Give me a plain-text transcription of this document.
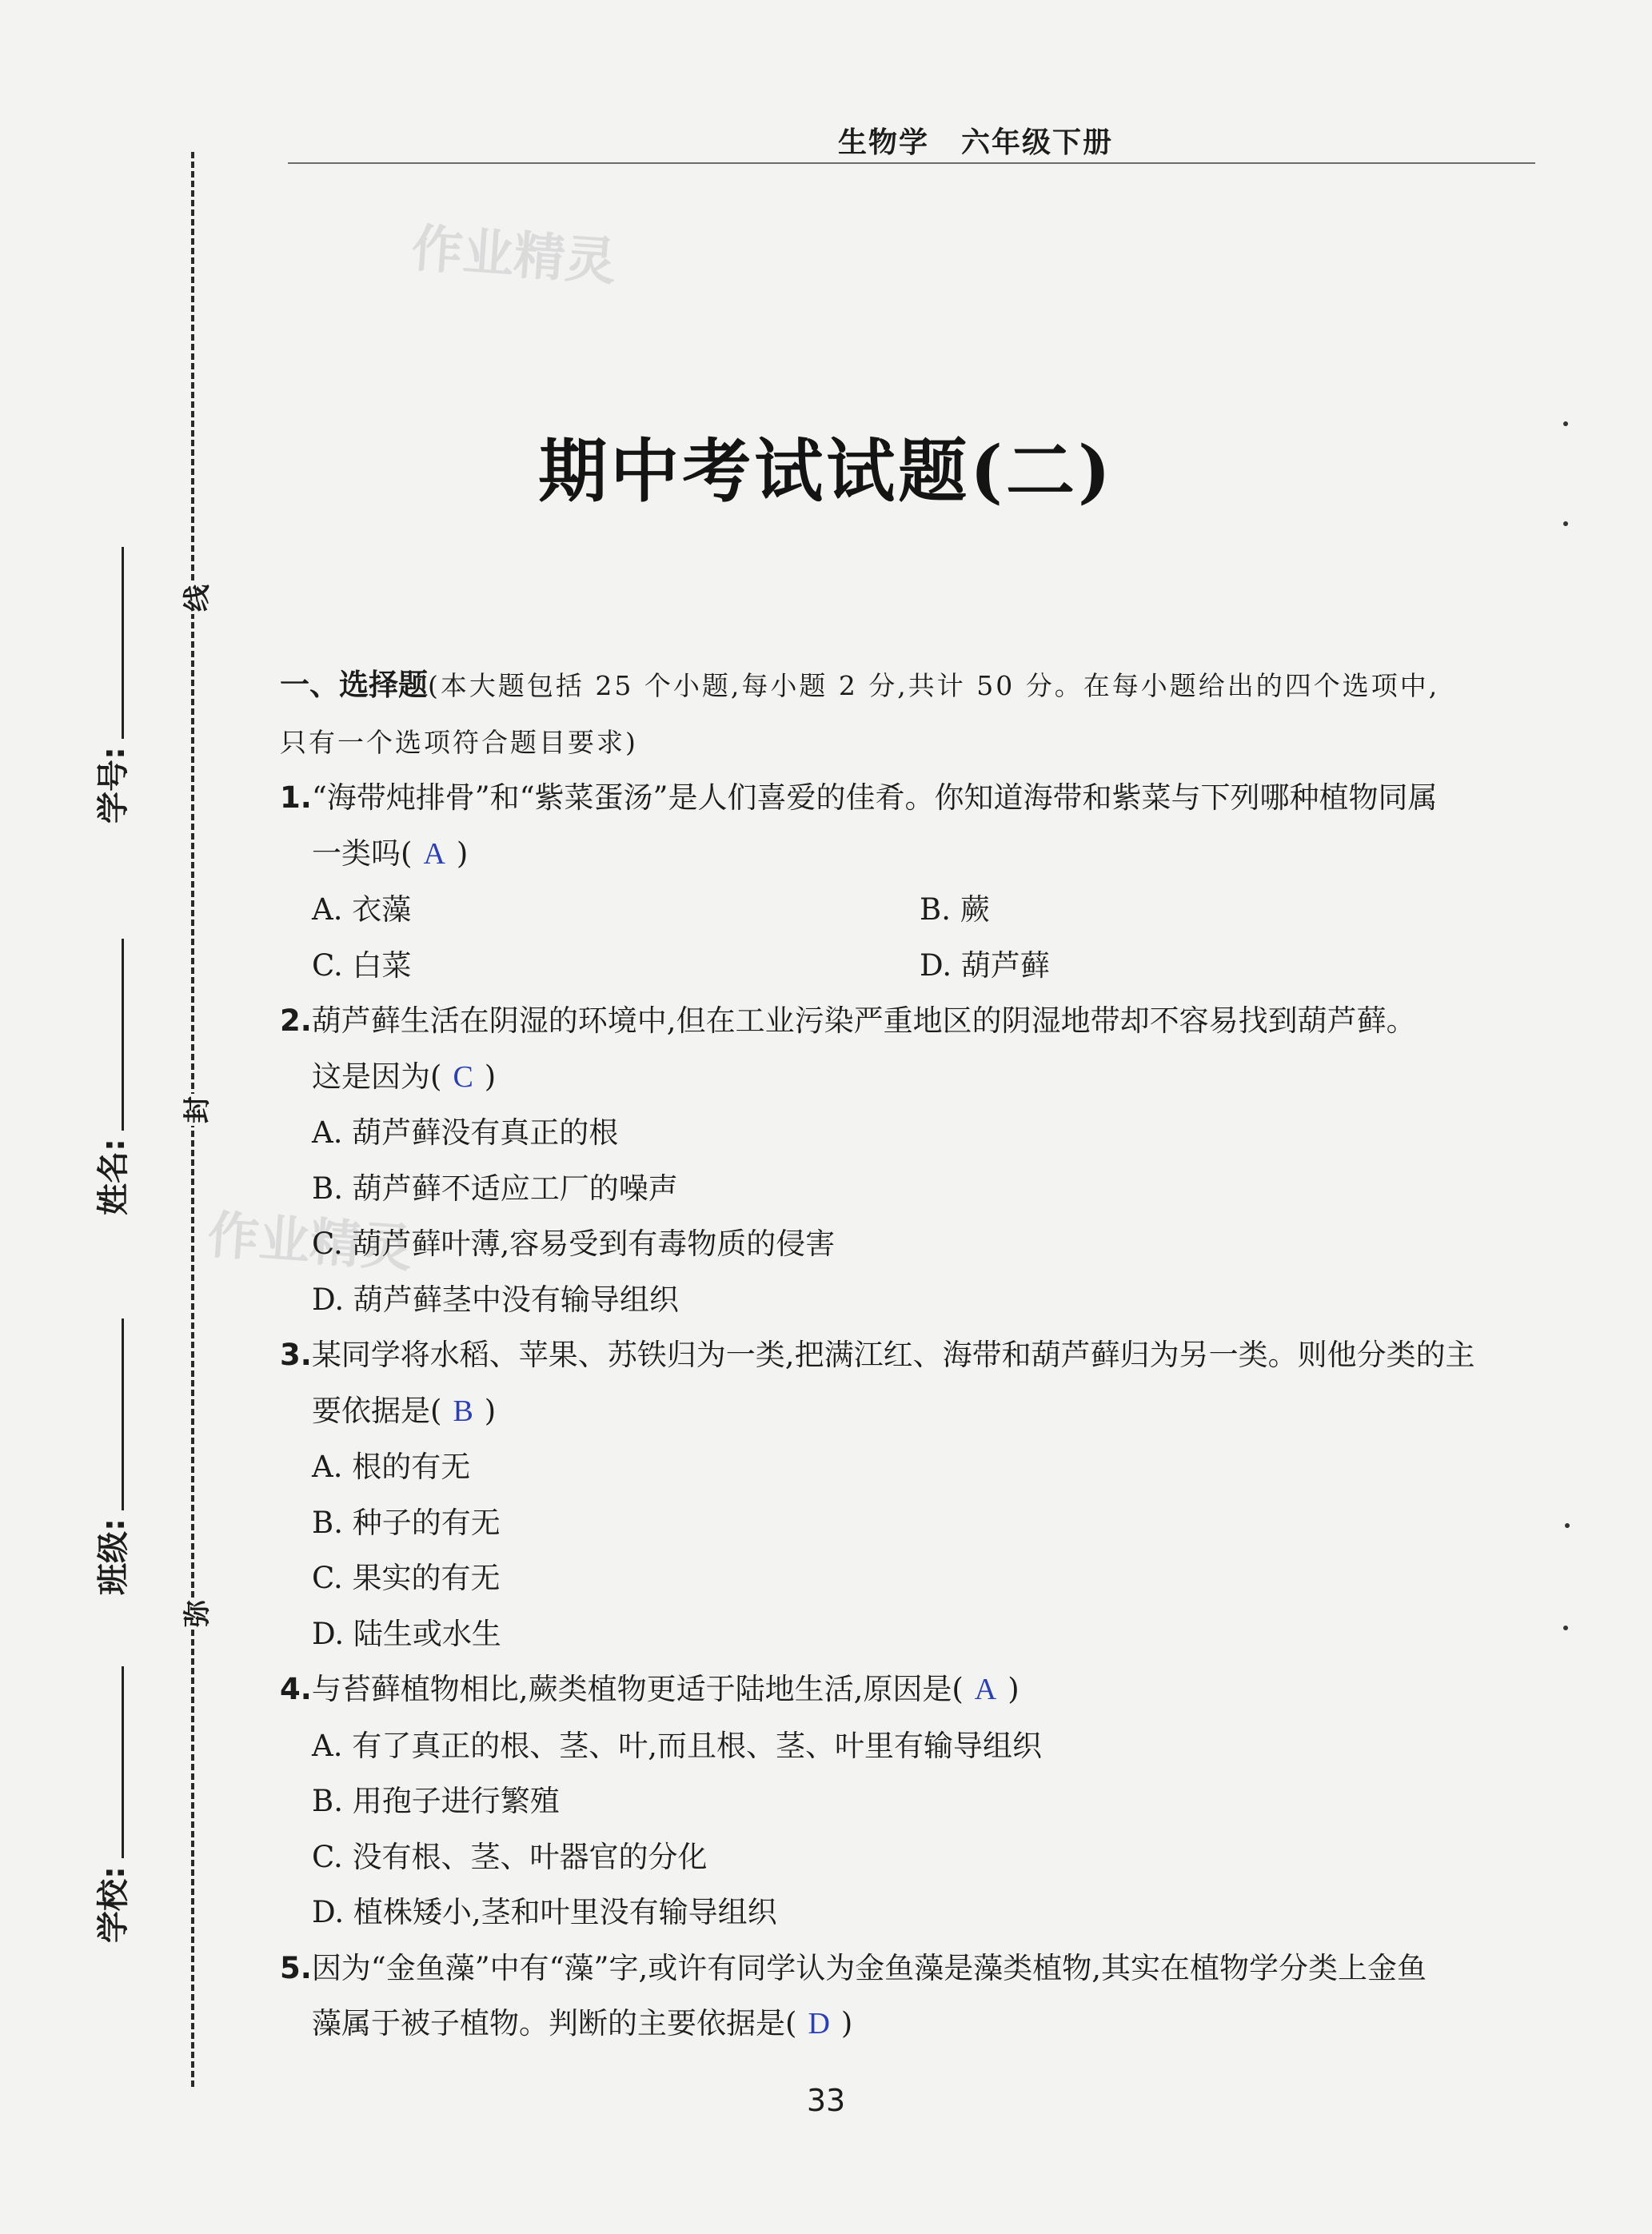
生物学 六年级下册
作业精灵
作业精灵
期中考试试题(二)
线
封
弥
学号:
姓名:
班级:
学校:
一、选择题(本大题包括 25 个小题,每小题 2 分,共计 50 分。在每小题给出的四个选项中,
只有一个选项符合题目要求)
1.“海带炖排骨”和“紫菜蛋汤”是人们喜爱的佳肴。你知道海带和紫菜与下列哪种植物同属
一类吗( A )
A. 衣藻	B. 蕨
C. 白菜	D. 葫芦藓
2.葫芦藓生活在阴湿的环境中,但在工业污染严重地区的阴湿地带却不容易找到葫芦藓。
这是因为( C )
A. 葫芦藓没有真正的根
B. 葫芦藓不适应工厂的噪声
C. 葫芦藓叶薄,容易受到有毒物质的侵害
D. 葫芦藓茎中没有输导组织
3.某同学将水稻、苹果、苏铁归为一类,把满江红、海带和葫芦藓归为另一类。则他分类的主
要依据是( B )
A. 根的有无
B. 种子的有无
C. 果实的有无
D. 陆生或水生
4.与苔藓植物相比,蕨类植物更适于陆地生活,原因是( A )
A. 有了真正的根、茎、叶,而且根、茎、叶里有输导组织
B. 用孢子进行繁殖
C. 没有根、茎、叶器官的分化
D. 植株矮小,茎和叶里没有输导组织
5.因为“金鱼藻”中有“藻”字,或许有同学认为金鱼藻是藻类植物,其实在植物学分类上金鱼
藻属于被子植物。判断的主要依据是( D )
33
